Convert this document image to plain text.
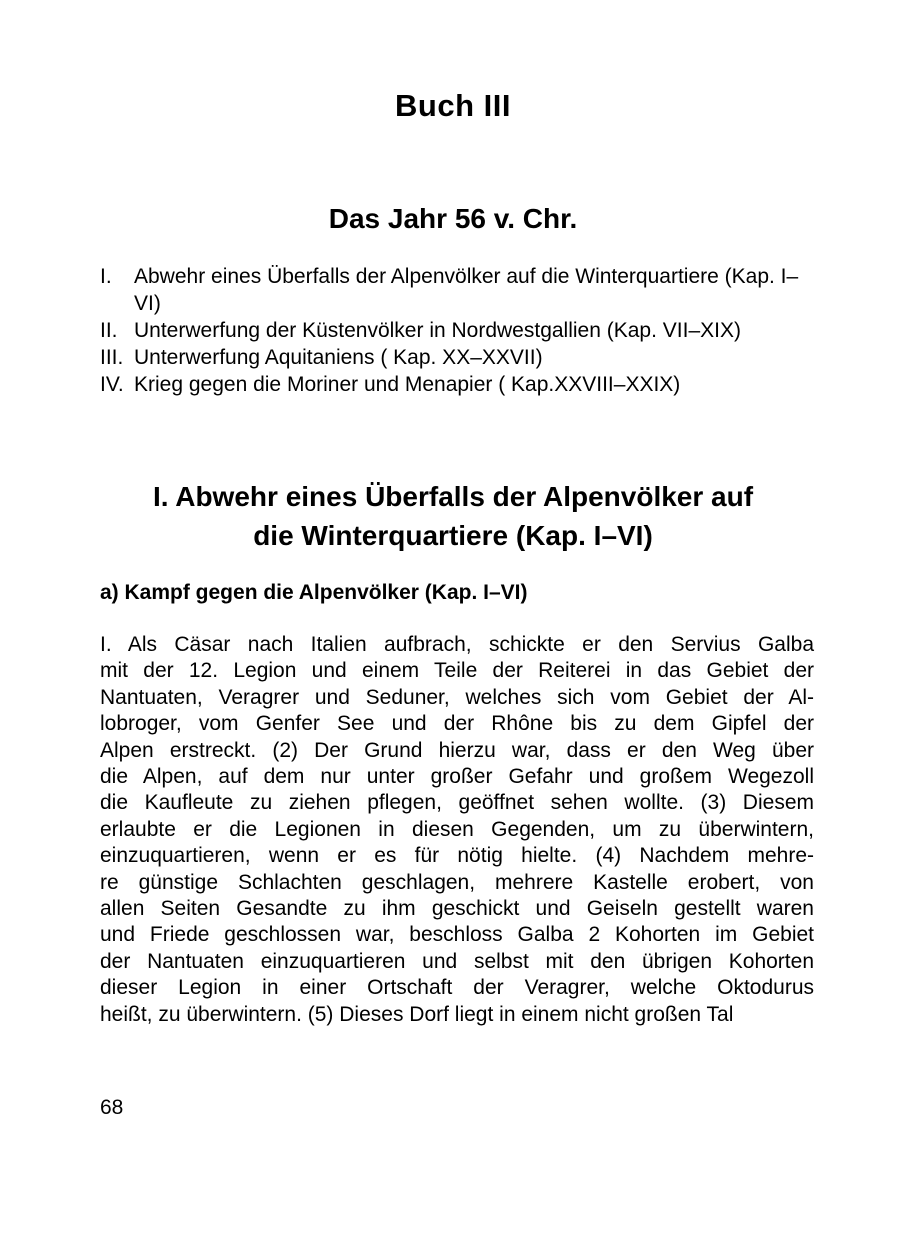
Buch III
Das Jahr 56 v. Chr.
I.	Abwehr eines Überfalls der Alpenvölker auf die Winterquartiere (Kap. I–VI)
II. Unterwerfung der Küstenvölker in Nordwestgallien (Kap. VII–XIX)
III. Unterwerfung Aquitaniens ( Kap. XX–XXVII)
IV. Krieg gegen die Moriner und Menapier ( Kap.XXVIII–XXIX)
I. Abwehr eines Überfalls der Alpenvölker auf
die Winterquartiere (Kap. I–VI)
a) Kampf gegen die Alpenvölker (Kap. I–VI)
I. Als Cäsar nach Italien aufbrach, schickte er den Servius Galba
mit der 12. Legion und einem Teile der Reiterei in das Gebiet der
Nantuaten, Veragrer und Seduner, welches sich vom Gebiet der Al-
lobroger, vom Genfer See und der Rhône bis zu dem Gipfel der
Alpen erstreckt. (2) Der Grund hierzu war, dass er den Weg über
die Alpen, auf dem nur unter großer Gefahr und großem Wegezoll
die Kaufleute zu ziehen pflegen, geöffnet sehen wollte. (3) Diesem
erlaubte er die Legionen in diesen Gegenden, um zu überwintern,
einzuquartieren, wenn er es für nötig hielte. (4) Nachdem mehre-
re günstige Schlachten geschlagen, mehrere Kastelle erobert, von
allen Seiten Gesandte zu ihm geschickt und Geiseln gestellt waren
und Friede geschlossen war, beschloss Galba 2 Kohorten im Gebiet
der Nantuaten einzuquartieren und selbst mit den übrigen Kohorten
dieser Legion in einer Ortschaft der Veragrer, welche Oktodurus
heißt, zu überwintern. (5) Dieses Dorf liegt in einem nicht großen Tal
68
